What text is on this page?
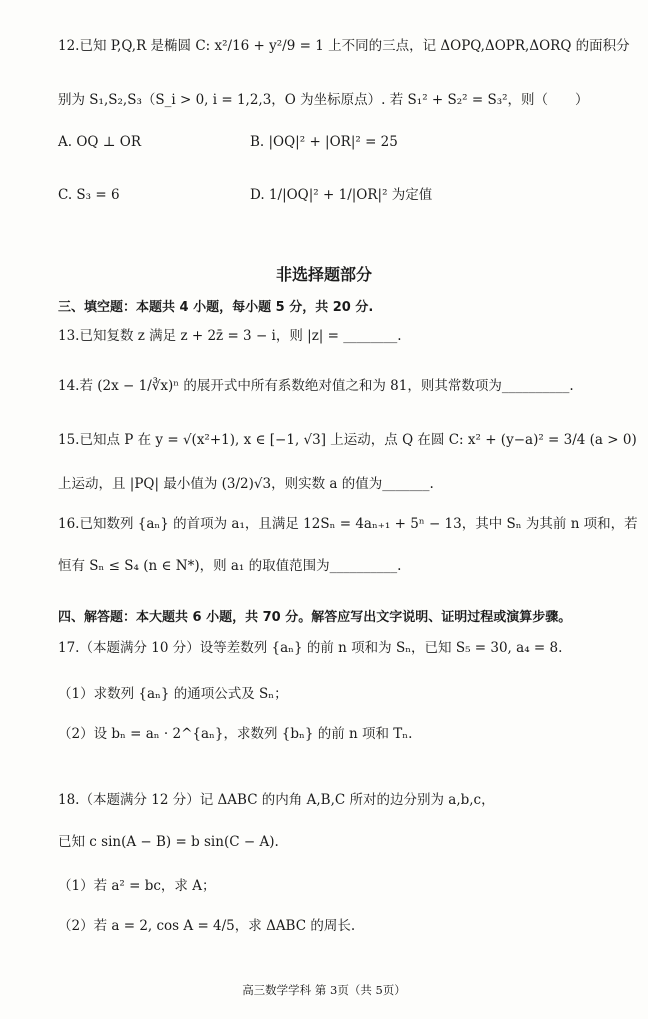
12.已知 P,Q,R 是椭圆 C: x²/16 + y²/9 = 1 上不同的三点，记 ΔOPQ,ΔOPR,ΔORQ 的面积分
别为 S₁,S₂,S₃（S_i > 0, i = 1,2,3，O 为坐标原点）. 若 S₁² + S₂² = S₃²，则（　　）
A. OQ ⊥ OR	B. |OQ|² + |OR|² = 25
C. S₃ = 6	D. 1/|OQ|² + 1/|OR|² 为定值
非选择题部分
三、填空题：本题共 4 小题，每小题 5 分，共 20 分.
13.已知复数 z 满足 z + 2z̄ = 3 − i，则 |z| = ________.
14.若 (2x − 1/∛x)ⁿ 的展开式中所有系数绝对值之和为 81，则其常数项为__________.
15.已知点 P 在 y = √(x²+1), x ∈ [−1, √3] 上运动，点 Q 在圆 C: x² + (y−a)² = 3/4 (a > 0)
上运动，且 |PQ| 最小值为 (3/2)√3，则实数 a 的值为_______.
16.已知数列 {aₙ} 的首项为 a₁，且满足 12Sₙ = 4aₙ₊₁ + 5ⁿ − 13，其中 Sₙ 为其前 n 项和，若
恒有 Sₙ ≤ S₄ (n ∈ N*)，则 a₁ 的取值范围为__________.
四、解答题：本大题共 6 小题，共 70 分。解答应写出文字说明、证明过程或演算步骤。
17.（本题满分 10 分）设等差数列 {aₙ} 的前 n 项和为 Sₙ，已知 S₅ = 30, a₄ = 8.
（1）求数列 {aₙ} 的通项公式及 Sₙ；
（2）设 bₙ = aₙ · 2^{aₙ}，求数列 {bₙ} 的前 n 项和 Tₙ.
18.（本题满分 12 分）记 ΔABC 的内角 A,B,C 所对的边分别为 a,b,c，
已知 c sin(A − B) = b sin(C − A).
（1）若 a² = bc，求 A；
（2）若 a = 2, cos A = 4/5，求 ΔABC 的周长.
高三数学学科 第 3页（共 5页）
